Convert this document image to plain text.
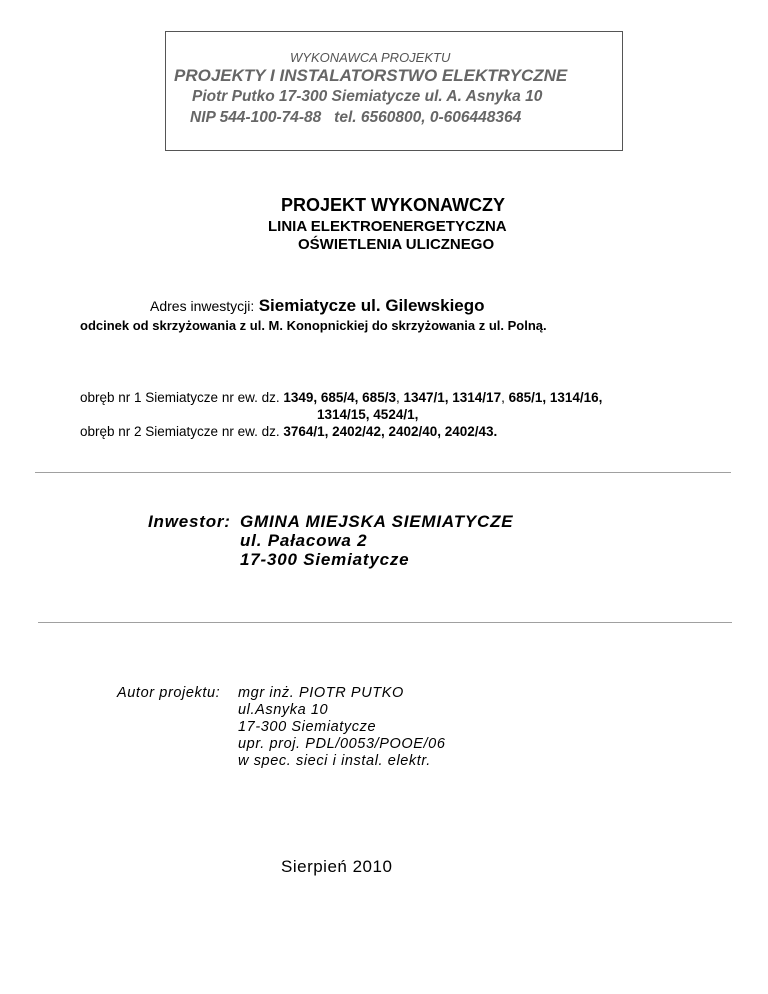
WYKONAWCA PROJEKTU
PROJEKTY I INSTALATORSTWO ELEKTRYCZNE
Piotr Putko 17-300 Siemiatycze ul. A. Asnyka 10
NIP 544-100-74-88   tel. 6560800, 0-606448364
PROJEKT WYKONAWCZY
LINIA ELEKTROENERGETYCZNA
OŚWIETLENIA ULICZNEGO
Adres inwestycji: Siemiatycze ul. Gilewskiego
odcinek od skrzyżowania z ul. M. Konopnickiej do skrzyżowania z ul. Polną.
obręb nr 1 Siemiatycze nr ew. dz. 1349, 685/4, 685/3, 1347/1, 1314/17, 685/1, 1314/16,
1314/15, 4524/1,
obręb nr 2 Siemiatycze nr ew. dz. 3764/1, 2402/42, 2402/40, 2402/43.
Inwestor: GMINA MIEJSKA SIEMIATYCZE
ul. Pałacowa 2
17-300 Siemiatycze
Autor projektu: mgr inż. PIOTR PUTKO
ul.Asnyka 10
17-300 Siemiatycze
upr. proj. PDL/0053/POOE/06
w spec. sieci i instal. elektr.
Sierpień 2010
